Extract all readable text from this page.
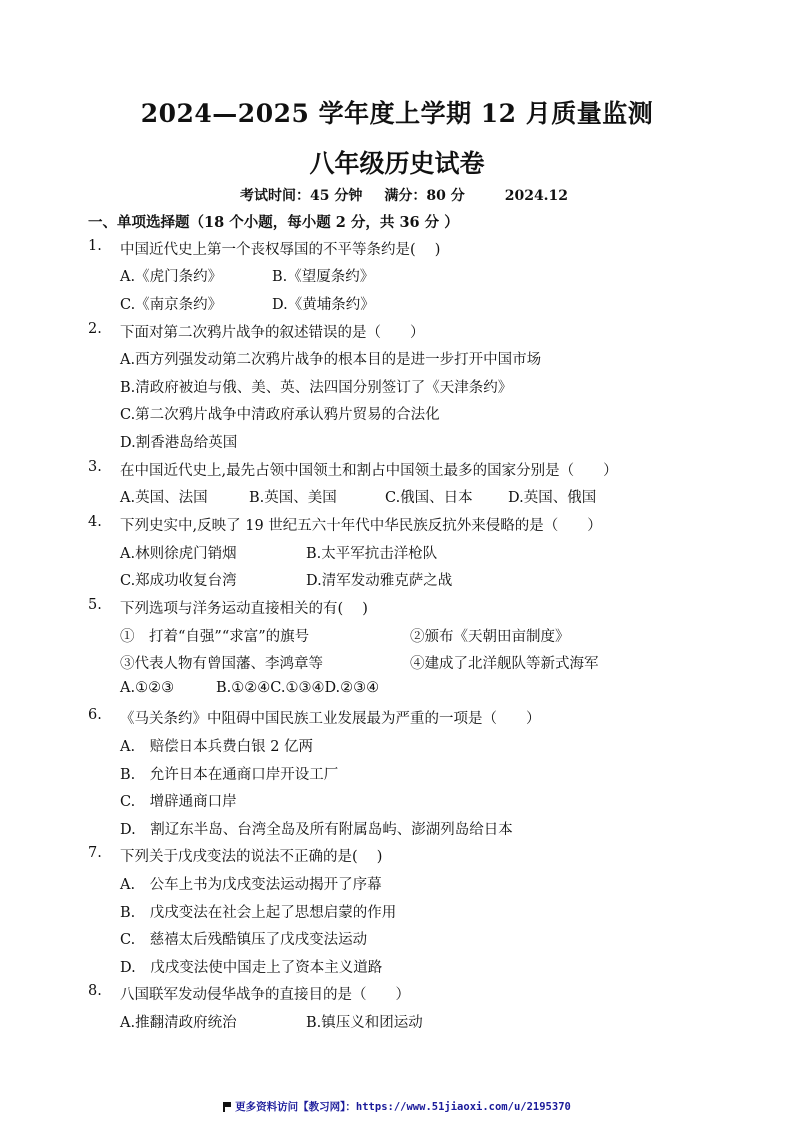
2024—2025 学年度上学期 12 月质量监测
八年级历史试卷
考试时间：45 分钟 满分：80 分	2024.12
一、单项选择题（18 个小题，每小题 2 分，共 36 分 ）
1. 中国近代史上第一个丧权辱国的不平等条约是(　 )
A.《虎门条约》	B.《望厦条约》
C.《南京条约》	D.《黄埔条约》
2. 下面对第二次鸦片战争的叙述错误的是（　　）
A.西方列强发动第二次鸦片战争的根本目的是进一步打开中国市场
B.清政府被迫与俄、美、英、法四国分别签订了《天津条约》
C.第二次鸦片战争中清政府承认鸦片贸易的合法化
D.割香港岛给英国
3. 在中国近代史上,最先占领中国领土和割占中国领土最多的国家分别是（　　）
A.英国、法国	B.英国、美国	C.俄国、日本 D.英国、俄国
4. 下列史实中,反映了 19 世纪五六十年代中华民族反抗外来侵略的是（　　）
A.林则徐虎门销烟	B.太平军抗击洋枪队
C.郑成功收复台湾	D.清军发动雅克萨之战
5. 下列选项与洋务运动直接相关的有(　 )
①　打着“自强”“求富”的旗号	②颁布《天朝田亩制度》
③代表人物有曾国藩、李鸿章等	④建成了北洋舰队等新式海军
A.①②③	B.①②④C.①③④D.②③④
6. 《马关条约》中阻碍中国民族工业发展最为严重的一项是（　　）
A.　赔偿日本兵费白银 2 亿两
B.　允许日本在通商口岸开设工厂
C.　增辟通商口岸
D.　割辽东半岛、台湾全岛及所有附属岛屿、澎湖列岛给日本
7. 下列关于戊戌变法的说法不正确的是(　 )
A.　公车上书为戊戌变法运动揭开了序幕
B.　戊戌变法在社会上起了思想启蒙的作用
C.　慈禧太后残酷镇压了戊戌变法运动
D.　戊戌变法使中国走上了资本主义道路
8. 八国联军发动侵华战争的直接目的是（　　）
A.推翻清政府统治	B.镇压义和团运动
更多资料访问【教习网】：https://www.51jiaoxi.com/u/2195370
